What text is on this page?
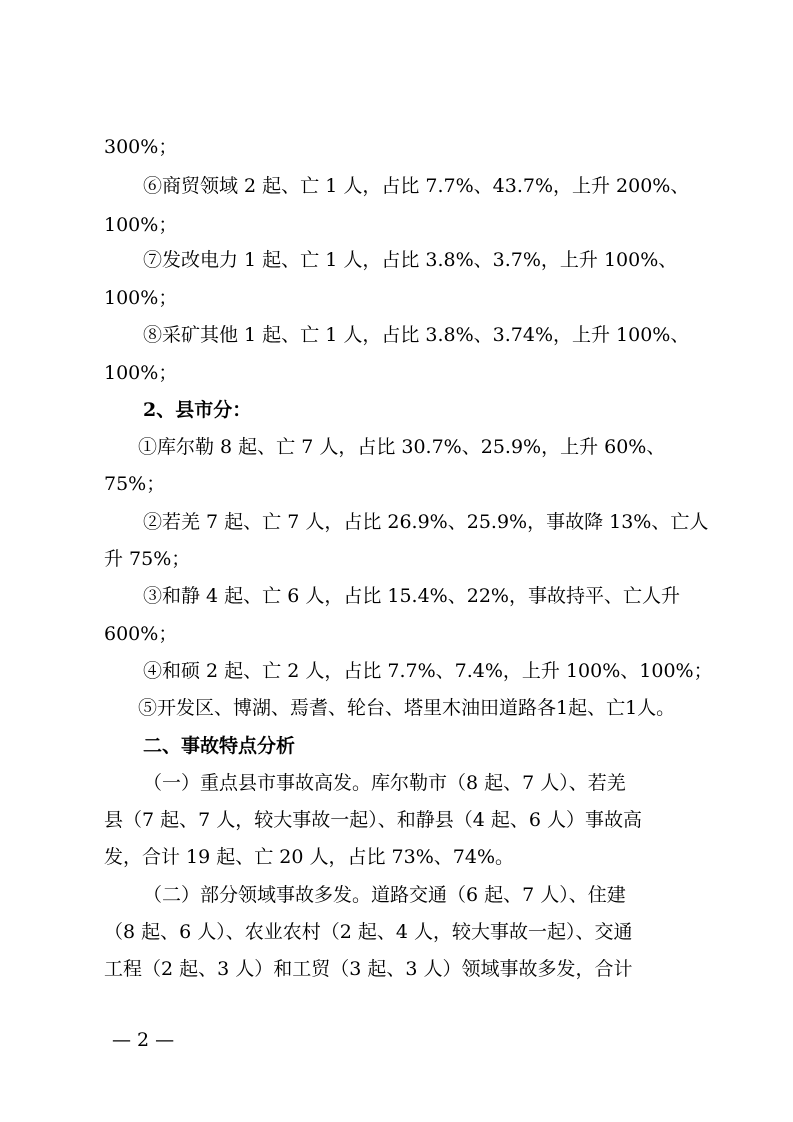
300%；
⑥商贸领域 2 起、亡 1 人，占比 7.7%、43.7%，上升 200%、
100%；
⑦发改电力 1 起、亡 1 人，占比 3.8%、3.7%，上升 100%、
100%；
⑧采矿其他 1 起、亡 1 人，占比 3.8%、3.74%，上升 100%、
100%；
2、县市分：
①库尔勒 8 起、亡 7 人，占比 30.7%、25.9%，上升 60%、
75%；
②若羌 7 起、亡 7 人，占比 26.9%、25.9%，事故降 13%、亡人
升 75%；
③和静 4 起、亡 6 人，占比 15.4%、22%，事故持平、亡人升
600%；
④和硕 2 起、亡 2 人，占比 7.7%、7.4%，上升 100%、100%；
⑤开发区、博湖、焉耆、轮台、塔里木油田道路各1起、亡1人。
二、事故特点分析
（一）重点县市事故高发。库尔勒市（8 起、7 人）、若羌
县（7 起、7 人，较大事故一起）、和静县（4 起、6 人）事故高
发，合计 19 起、亡 20 人，占比 73%、74%。
（二）部分领域事故多发。道路交通（6 起、7 人）、住建
（8 起、6 人）、农业农村（2 起、4 人，较大事故一起）、交通
工程（2 起、3 人）和工贸（3 起、3 人）领域事故多发，合计
— 2 —
